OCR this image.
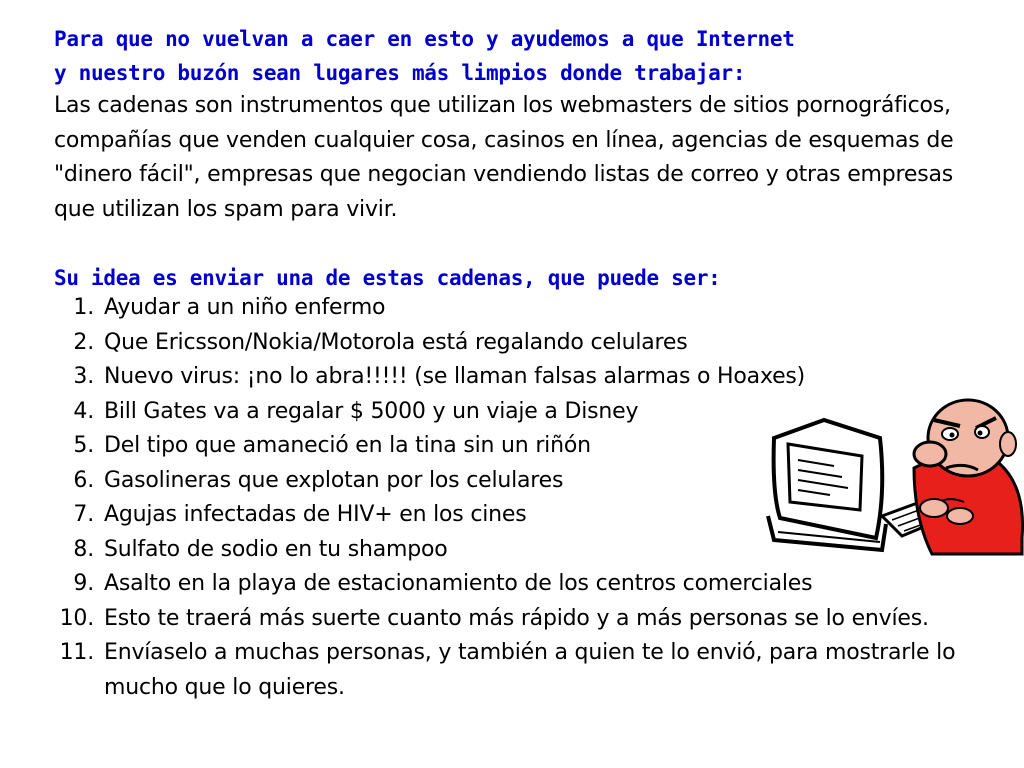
Para que no vuelvan a caer en esto y ayudemos a que Internet
y nuestro buzón sean lugares más limpios donde trabajar:

Las cadenas son instrumentos que utilizan los webmasters de sitios pornográficos, compañías que venden cualquier cosa, casinos en línea, agencias de esquemas de "dinero fácil", empresas que negocian vendiendo listas de correo y otras empresas que utilizan los spam para vivir.

Su idea es enviar una de estas cadenas, que puede ser:
1. Ayudar a un niño enfermo
2. Que Ericsson/Nokia/Motorola está regalando celulares
3. Nuevo virus: ¡no lo abra!!!!! (se llaman falsas alarmas o Hoaxes)
4. Bill Gates va a regalar $ 5000 y un viaje a Disney
5. Del tipo que amaneció en la tina sin un riñón
6. Gasolineras que explotan por los celulares
7. Agujas infectadas de HIV+ en los cines
8. Sulfato de sodio en tu shampoo
9. Asalto en la playa de estacionamiento de los centros comerciales
10. Esto te traerá más suerte cuanto más rápido y a más personas se lo envíes.
11. Envíaselo a muchas personas, y también a quien te lo envió, para mostrarle lo mucho que lo quieres.
